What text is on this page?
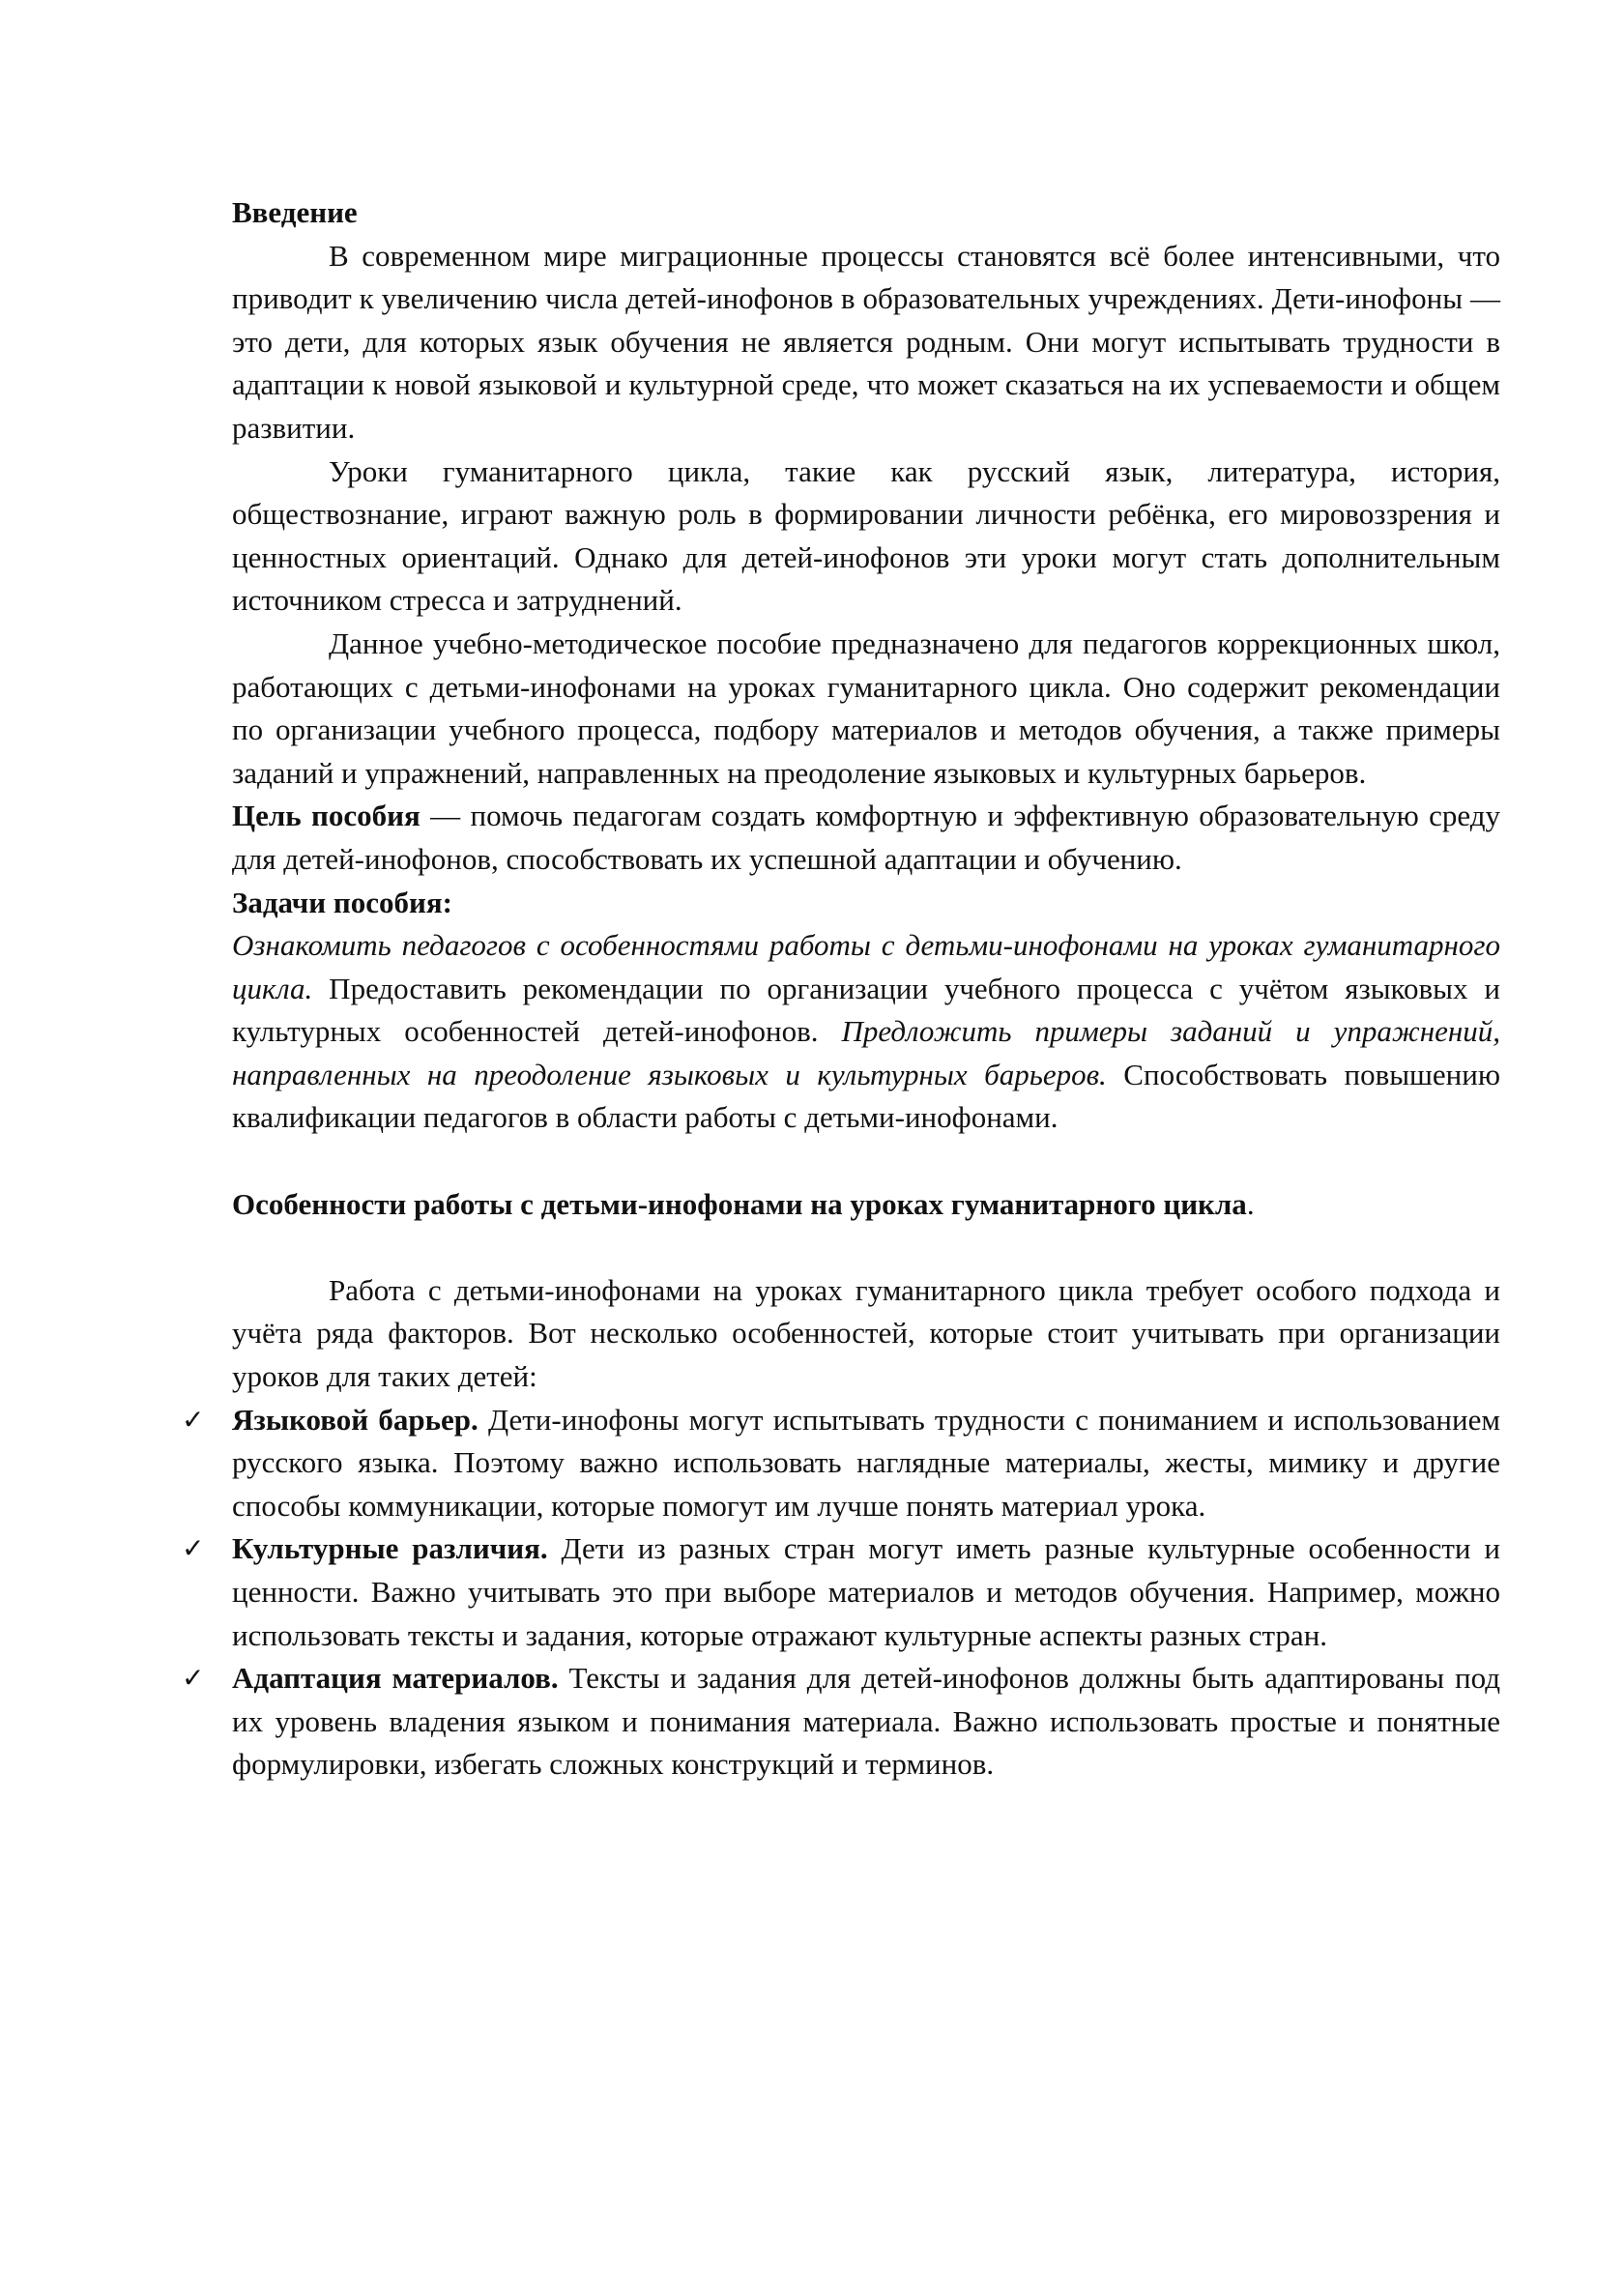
Введение

В современном мире миграционные процессы становятся всё более интенсивными, что приводит к увеличению числа детей-инофонов в образовательных учреждениях. Дети-инофоны — это дети, для которых язык обучения не является родным. Они могут испытывать трудности в адаптации к новой языковой и культурной среде, что может сказаться на их успеваемости и общем развитии.

Уроки гуманитарного цикла, такие как русский язык, литература, история, обществознание, играют важную роль в формировании личности ребёнка, его мировоззрения и ценностных ориентаций. Однако для детей-инофонов эти уроки могут стать дополнительным источником стресса и затруднений.

Данное учебно-методическое пособие предназначено для педагогов коррекционных школ, работающих с детьми-инофонами на уроках гуманитарного цикла. Оно содержит рекомендации по организации учебного процесса, подбору материалов и методов обучения, а также примеры заданий и упражнений, направленных на преодоление языковых и культурных барьеров.

Цель пособия — помочь педагогам создать комфортную и эффективную образовательную среду для детей-инофонов, способствовать их успешной адаптации и обучению.

Задачи пособия:

Ознакомить педагогов с особенностями работы с детьми-инофонами на уроках гуманитарного цикла. Предоставить рекомендации по организации учебного процесса с учётом языковых и культурных особенностей детей-инофонов. Предложить примеры заданий и упражнений, направленных на преодоление языковых и культурных барьеров. Способствовать повышению квалификации педагогов в области работы с детьми-инофонами.

Особенности работы с детьми-инофонами на уроках гуманитарного цикла.

Работа с детьми-инофонами на уроках гуманитарного цикла требует особого подхода и учёта ряда факторов. Вот несколько особенностей, которые стоит учитывать при организации уроков для таких детей:

✓ Языковой барьер. Дети-инофоны могут испытывать трудности с пониманием и использованием русского языка. Поэтому важно использовать наглядные материалы, жесты, мимику и другие способы коммуникации, которые помогут им лучше понять материал урока.
✓ Культурные различия. Дети из разных стран могут иметь разные культурные особенности и ценности. Важно учитывать это при выборе материалов и методов обучения. Например, можно использовать тексты и задания, которые отражают культурные аспекты разных стран.
✓ Адаптация материалов. Тексты и задания для детей-инофонов должны быть адаптированы под их уровень владения языком и понимания материала. Важно использовать простые и понятные формулировки, избегать сложных конструкций и терминов.
